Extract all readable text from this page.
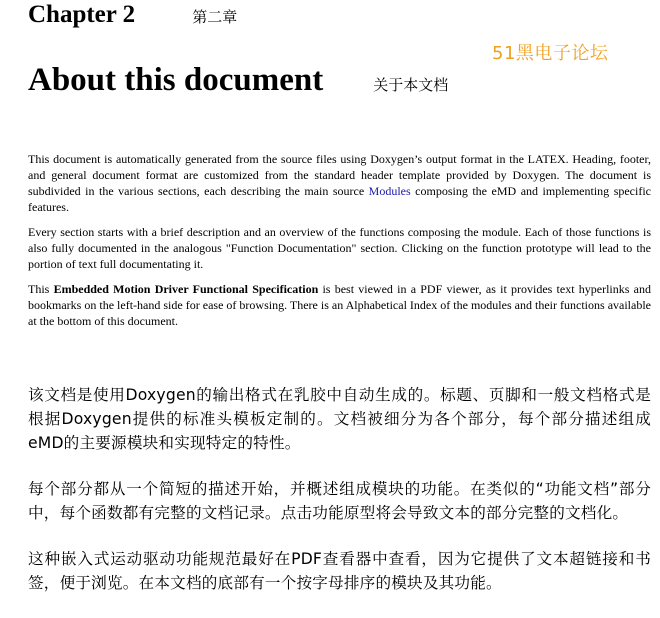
Chapter 2	第二章
51黑电子论坛
About this document	关于本文档

This document is automatically generated from the source files using Doxygen’s output format in the LATEX. Heading, footer, and general document format are customized from the standard header template provided by Doxygen. The document is subdivided in the various sections, each describing the main source Modules composing the eMD and implementing specific features.

Every section starts with a brief description and an overview of the functions composing the module. Each of those functions is also fully documented in the analogous "Function Documentation" section. Clicking on the function prototype will lead to the portion of text full documentating it.

This Embedded Motion Driver Functional Specification is best viewed in a PDF viewer, as it provides text hyperlinks and bookmarks on the left-hand side for ease of browsing. There is an Alphabetical Index of the modules and their functions available at the bottom of this document.

该文档是使用Doxygen的输出格式在乳胶中自动生成的。标题、页脚和一般文档格式是根据Doxygen提供的标准头模板定制的。文档被细分为各个部分，每个部分描述组成eMD的主要源模块和实现特定的特性。

每个部分都从一个简短的描述开始，并概述组成模块的功能。在类似的“功能文档”部分中，每个函数都有完整的文档记录。点击功能原型将会导致文本的部分完整的文档化。

这种嵌入式运动驱动功能规范最好在PDF查看器中查看，因为它提供了文本超链接和书签，便于浏览。在本文档的底部有一个按字母排序的模块及其功能。
